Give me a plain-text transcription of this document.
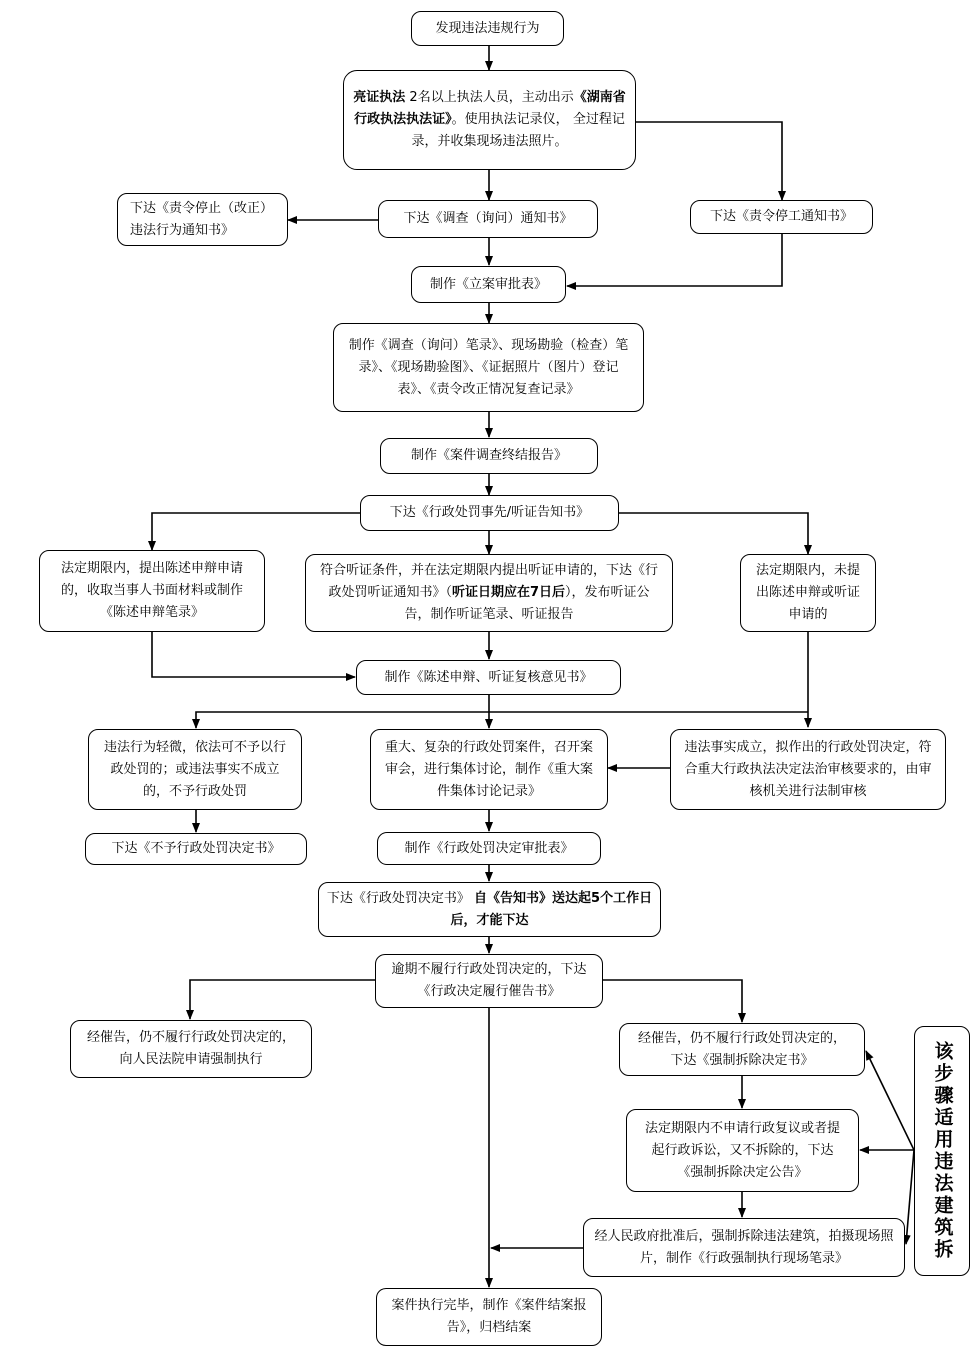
发现违法违规行为
亮证执法 2名以上执法人员，主动出示《湖南省 行政执法执法证》。使用执法记录仪， 全过程记录，并收集现场违法照片。
下达《责令停止（改正）违法行为通知书》
下达《调查（询问）通知书》	下达《责令停工通知书》
制作《立案审批表》
制作《调查（询问）笔录》、现场勘验（检查）笔录》、《现场勘验图》、《证据照片（图片）登记表》、《责令改正情况复查记录》
制作《案件调查终结报告》
下达《行政处罚事先/听证告知书》
法定期限内，提出陈述申辩申请的，收取当事人书面材料或制作《陈述申辩笔录》
符合听证条件，并在法定期限内提出听证申请的，下达《行政处罚听证通知书》（听证日期应在7日后），发布听证公告，制作听证笔录、听证报告
法定期限内，未提出陈述申辩或听证申请的
制作《陈述申辩、听证复核意见书》
违法行为轻微，依法可不予以行政处罚的；或违法事实不成立的，不予行政处罚
重大、复杂的行政处罚案件，召开案审会，进行集体讨论，制作《重大案件集体讨论记录》
违法事实成立，拟作出的行政处罚决定，符合重大行政执法决定法治审核要求的，由审核机关进行法制审核
下达《不予行政处罚决定书》	制作《行政处罚决定审批表》
下达《行政处罚决定书》 自《告知书》送达起5个工作日后，才能下达
逾期不履行行政处罚决定的，下达《行政决定履行催告书》
经催告，仍不履行行政处罚决定的，向人民法院申请强制执行
经催告，仍不履行行政处罚决定的，下达《强制拆除决定书》
法定期限内不申请行政复议或者提起行政诉讼，又不拆除的，下达《强制拆除决定公告》
经人民政府批准后，强制拆除违法建筑，拍摄现场照片，制作《行政强制执行现场笔录》	该步骤适用违法建筑拆
案件执行完毕，制作《案件结案报告》，归档结案
